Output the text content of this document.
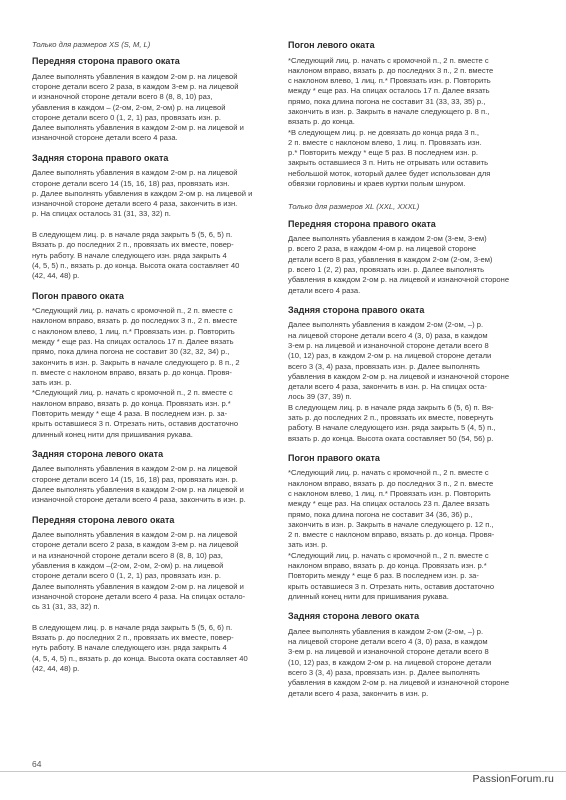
Только для размеров XS (S, M, L)
Передняя сторона правого оката
Далее выполнять убавления в каждом 2-ом р. на лицевой
стороне детали всего 2 раза, в каждом 3-ем р. на лицевой
и изнаночной стороне детали всего 8 (8, 8, 10) раз,
убавления в каждом – (2-ом, 2-ом, 2-ом) р. на лицевой
стороне детали всего 0 (1, 2, 1) раз, провязать изн. р.
Далее выполнять убавления в каждом 2-ом р. на лицевой и
изнаночной стороне детали всего 4 раза.
Задняя сторона правого оката
Далее выполнять убавления в каждом 2-ом р. на лицевой
стороне детали всего 14 (15, 16, 18) раз, провязать изн.
р. Далее выполнять убавления в каждом 2-ом р. на лицевой и
изнаночной стороне детали всего 4 раза, закончить в изн.
р. На спицах осталось 31 (31, 33, 32) п.

В следующем лиц. р. в начале ряда закрыть 5 (5, 6, 5) п.
Вязать р. до последних 2 п., провязать их вместе, повер-
нуть работу. В начале следующего изн. ряда закрыть 4
(4, 5, 5) п., вязать р. до конца. Высота оката составляет 40
(42, 44, 48) р.
Погон правого оката
*Следующий лиц. р. начать с кромочной п., 2 п. вместе с
наклоном вправо, вязать р. до последних 3 п., 2 п. вместе
с наклоном влево, 1 лиц. п.* Провязать изн. р. Повторить
между * еще раз. На спицах осталось 17 п. Далее вязать
прямо, пока длина погона не составит 30 (32, 32, 34) р.,
закончить в изн. р. Закрыть в начале следующего р. 8 п., 2
п. вместе с наклоном вправо, вязать р. до конца. Провя-
зать изн. р.
*Следующий лиц. р. начать с кромочной п., 2 п. вместе с
наклоном вправо, вязать р. до конца. Провязать изн. р.*
Повторить между * еще 4 раза. В последнем изн. р. за-
крыть оставшиеся 3 п. Отрезать нить, оставив достаточно
длинный конец нити для пришивания рукава.
Задняя сторона левого оката
Далее выполнять убавления в каждом 2-ом р. на лицевой
стороне детали всего 14 (15, 16, 18) раз, провязать изн. р.
Далее выполнять убавления в каждом 2-ом р. на лицевой и
изнаночной стороне детали всего 4 раза, закончить в изн. р.
Передняя сторона левого оката
Далее выполнять убавления в каждом 2-ом р. на лицевой
стороне детали всего 2 раза, в каждом 3-ем р. на лицевой
и на изнаночной стороне детали всего 8 (8, 8, 10) раз,
убавления в каждом –(2-ом, 2-ом, 2-ом) р. на лицевой
стороне детали всего 0 (1, 2, 1) раз, провязать изн. р.
Далее выполнять убавления в каждом 2-ом р. на лицевой и
изнаночной стороне детали всего 4 раза. На спицах остало-
сь 31 (31, 33, 32) п.

В следующем лиц. р. в начале ряда закрыть 5 (5, 6, 6) п.
Вязать р. до последних 2 п., провязать их вместе, повер-
нуть работу. В начале следующего изн. ряда закрыть 4
(4, 5, 4, 5) п., вязать р. до конца. Высота оката составляет 40
(42, 44, 48) р.
Погон левого оката
*Следующий лиц. р. начать с кромочной п., 2 п. вместе с
наклоном вправо, вязать р. до последних 3 п., 2 п. вместе
с наклоном влево, 1 лиц. п.* Провязать изн. р. Повторить
между * еще раз. На спицах осталось 17 п. Далее вязать
прямо, пока длина погона не составит 31 (33, 33, 35) р.,
закончить в изн. р. Закрыть в начале следующего р. 8 п.,
вязать р. до конца.
*В следующем лиц. р. не довязать до конца ряда 3 п.,
2 п. вместе с наклоном влево, 1 лиц. п. Провязать изн.
р.* Повторить между * еще 5 раз. В последнем изн. р.
закрыть оставшиеся 3 п. Нить не отрывать или оставить
небольшой моток, который далее будет использован для
обвязки горловины и краев куртки полым шнуром.
Только для размеров XL (XXL, XXXL)
Передняя сторона правого оката
Далее выполнять убавления в каждом 2-ом (3-ем, 3-ем)
р. всего 2 раза, в каждом 4-ом р. на лицевой стороне
детали всего 8 раз, убавления в каждом 2-ом (2-ом, 3-ем)
р. всего 1 (2, 2) раз, провязать изн. р. Далее выполнять
убавления в каждом 2-ом р. на лицевой и изнаночной стороне
детали всего 4 раза.
Задняя сторона правого оката
Далее выполнять убавления в каждом 2-ом (2-ом, –) р.
на лицевой стороне детали всего 4 (3, 0) раза, в каждом
3-ем р. на лицевой и изнаночной стороне детали всего 8
(10, 12) раз, в каждом 2-ом р. на лицевой стороне детали
всего 3 (3, 4) раза, провязать изн. р. Далее выполнять
убавления в каждом 2-ом р. на лицевой и изнаночной стороне
детали всего 4 раза, закончить в изн. р. На спицах оста-
лось 39 (37, 39) п.
В следующем лиц. р. в начале ряда закрыть 6 (5, 6) п. Вя-
зать р. до последних 2 п., провязать их вместе, повернуть
работу. В начале следующего изн. ряда закрыть 5 (4, 5) п.,
вязать р. до конца. Высота оката составляет 50 (54, 56) р.
Погон правого оката
*Следующий лиц. р. начать с кромочной п., 2 п. вместе с
наклоном вправо, вязать р. до последних 3 п., 2 п. вместе
с наклоном влево, 1 лиц. п.* Провязать изн. р. Повторить
между * еще раз. На спицах осталось 23 п. Далее вязать
прямо, пока длина погона не составит 34 (36, 36) р.,
закончить в изн. р. Закрыть в начале следующего р. 12 п.,
2 п. вместе с наклоном вправо, вязать р. до конца. Провя-
зать изн. р.
*Следующий лиц. р. начать с кромочной п., 2 п. вместе с
наклоном вправо, вязать р. до конца. Провязать изн. р.*
Повторить между * еще 6 раз. В последнем изн. р. за-
крыть оставшиеся 3 п. Отрезать нить, оставив достаточно
длинный конец нити для пришивания рукава.
Задняя сторона левого оката
Далее выполнять убавления в каждом 2-ом (2-ом, –) р.
на лицевой стороне детали всего 4 (3, 0) раза, в каждом
3-ем р. на лицевой и изнаночной стороне детали всего 8
(10, 12) раз, в каждом 2-ом р. на лицевой стороне детали
всего 3 (3, 4) раза, провязать изн. р. Далее выполнять
убавления в каждом 2-ом р. на лицевой и изнаночной стороне
детали всего 4 раза, закончить в изн. р.
64
PassionForum.ru
